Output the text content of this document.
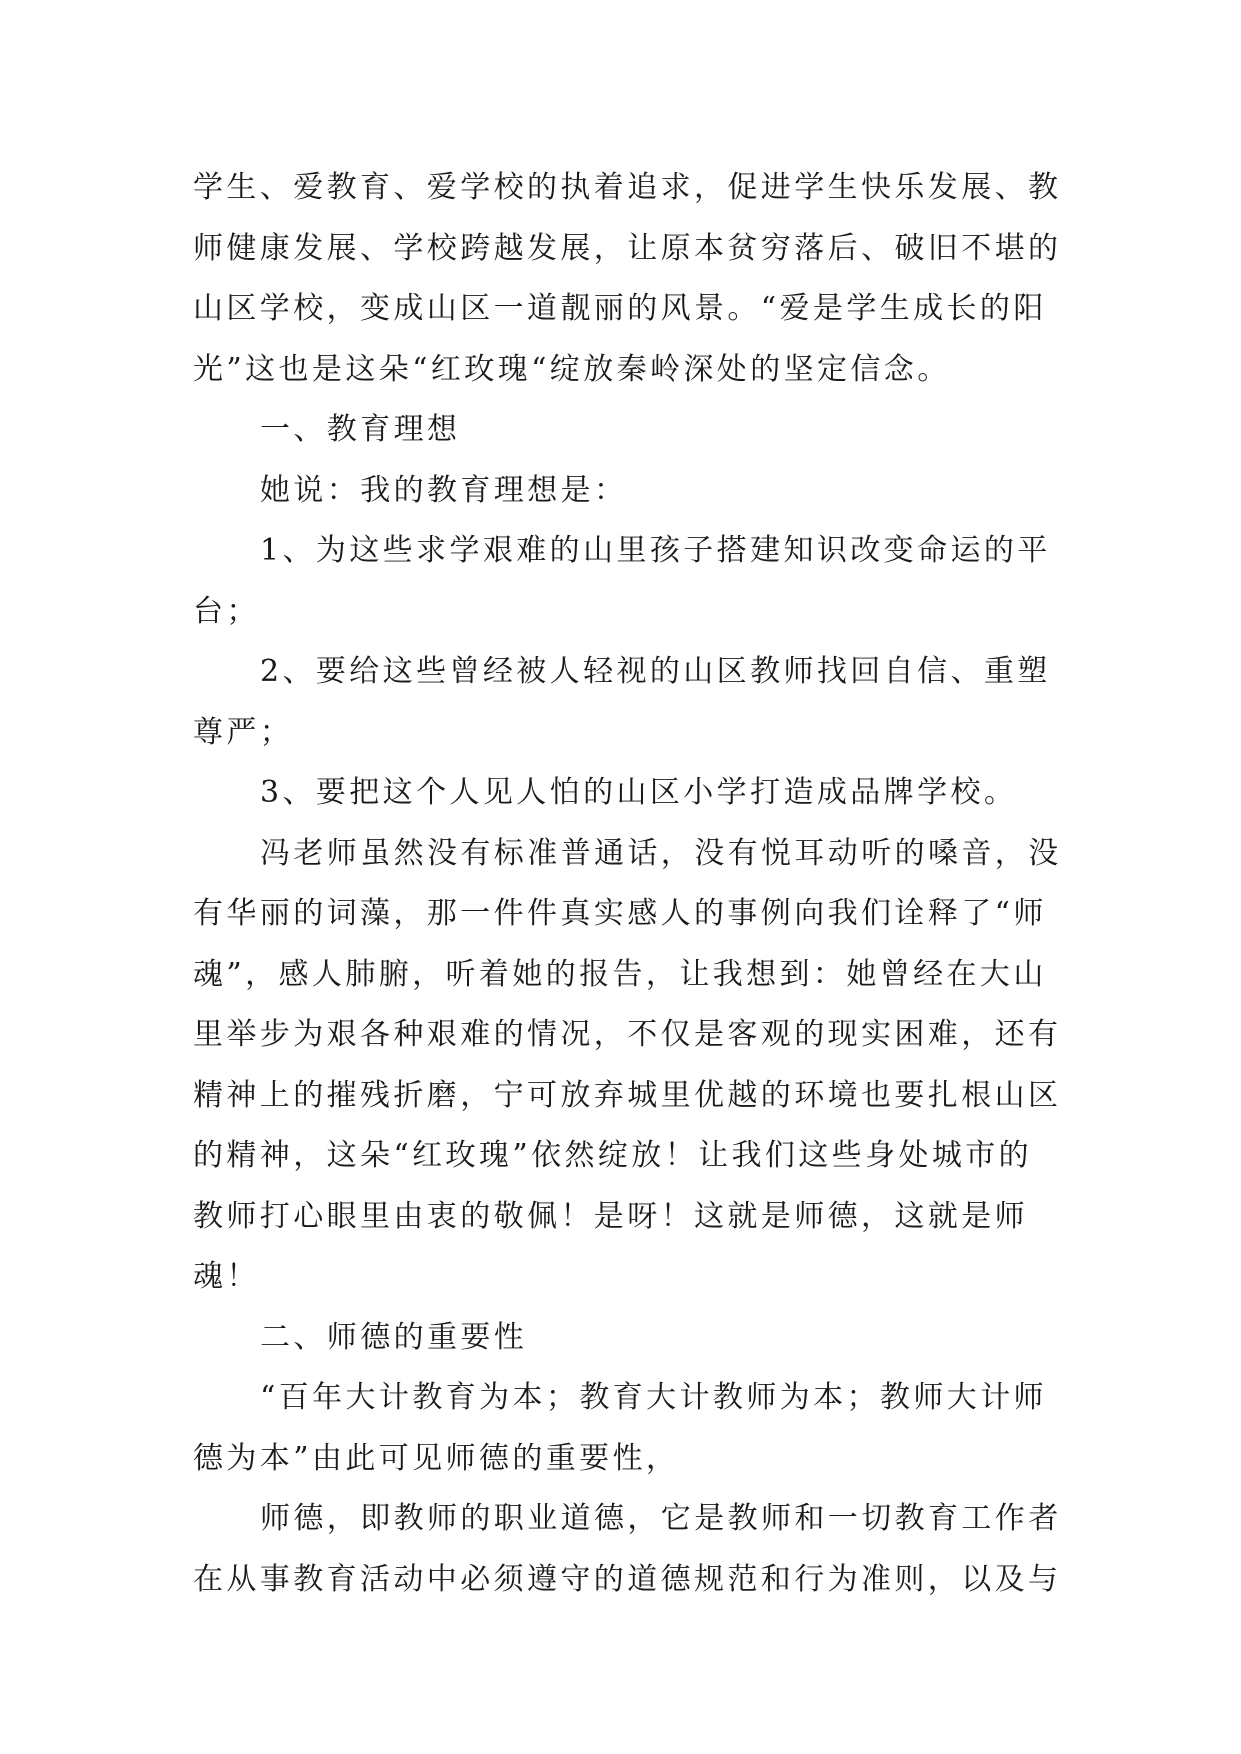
学生、爱教育、爱学校的执着追求，促进学生快乐发展、教
师健康发展、学校跨越发展，让原本贫穷落后、破旧不堪的
山区学校，变成山区一道靓丽的风景。“爱是学生成长的阳
光”这也是这朵“红玫瑰“绽放秦岭深处的坚定信念。
一、教育理想
她说：我的教育理想是：
1、为这些求学艰难的山里孩子搭建知识改变命运的平
台；
2、要给这些曾经被人轻视的山区教师找回自信、重塑
尊严；
3、要把这个人见人怕的山区小学打造成品牌学校。
冯老师虽然没有标准普通话，没有悦耳动听的嗓音，没
有华丽的词藻，那一件件真实感人的事例向我们诠释了“师
魂”，感人肺腑，听着她的报告，让我想到：她曾经在大山
里举步为艰各种艰难的情况，不仅是客观的现实困难，还有
精神上的摧残折磨，宁可放弃城里优越的环境也要扎根山区
的精神，这朵“红玫瑰”依然绽放！让我们这些身处城市的
教师打心眼里由衷的敬佩！是呀！这就是师德，这就是师
魂！
二、师德的重要性
“百年大计教育为本；教育大计教师为本；教师大计师
德为本”由此可见师德的重要性，
师德，即教师的职业道德，它是教师和一切教育工作者
在从事教育活动中必须遵守的道德规范和行为准则，以及与
